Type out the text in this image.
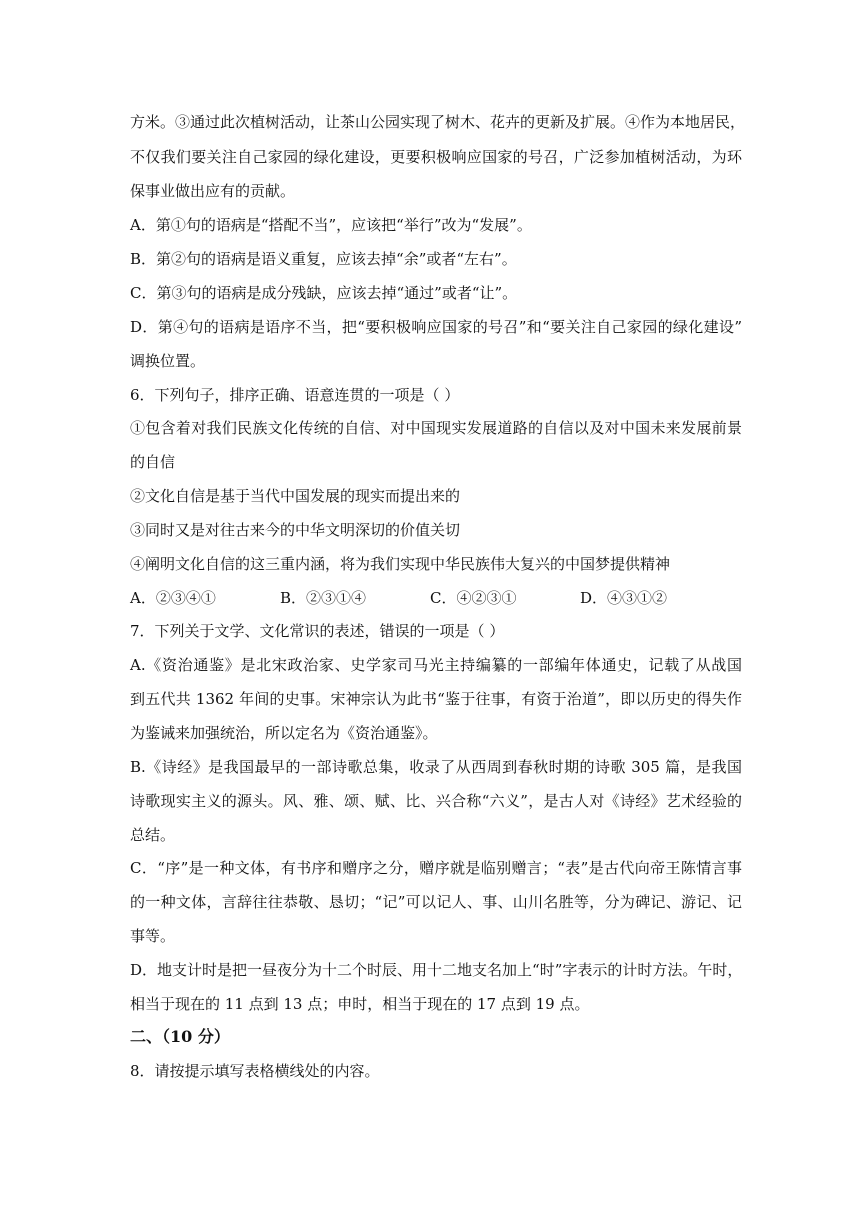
方米。③通过此次植树活动，让茶山公园实现了树木、花卉的更新及扩展。④作为本地居民，
不仅我们要关注自己家园的绿化建设，更要积极响应国家的号召，广泛参加植树活动，为环
保事业做出应有的贡献。
A．第①句的语病是“搭配不当”，应该把“举行”改为“发展”。
B．第②句的语病是语义重复，应该去掉“余”或者“左右”。
C．第③句的语病是成分残缺，应该去掉“通过”或者“让”。
D．第④句的语病是语序不当，把“要积极响应国家的号召”和“要关注自己家园的绿化建设”
调换位置。
6．下列句子，排序正确、语意连贯的一项是（ ）
①包含着对我们民族文化传统的自信、对中国现实发展道路的自信以及对中国未来发展前景
的自信
②文化自信是基于当代中国发展的现实而提出来的
③同时又是对往古来今的中华文明深切的价值关切
④阐明文化自信的这三重内涵，将为我们实现中华民族伟大复兴的中国梦提供精神
A．②③④①	B．②③①④	C．④②③①	D．④③①②
7．下列关于文学、文化常识的表述，错误的一项是（ ）
A.《资治通鉴》是北宋政治家、史学家司马光主持编纂的一部编年体通史，记载了从战国
到五代共 1362 年间的史事。宋神宗认为此书“鉴于往事，有资于治道”，即以历史的得失作
为鉴诫来加强统治，所以定名为《资治通鉴》。
B.《诗经》是我国最早的一部诗歌总集，收录了从西周到春秋时期的诗歌 305 篇，是我国
诗歌现实主义的源头。风、雅、颂、赋、比、兴合称“六义”，是古人对《诗经》艺术经验的
总结。
C．“序”是一种文体，有书序和赠序之分，赠序就是临别赠言；“表”是古代向帝王陈情言事
的一种文体，言辞往往恭敬、恳切；“记”可以记人、事、山川名胜等，分为碑记、游记、记
事等。
D．地支计时是把一昼夜分为十二个时辰、用十二地支名加上“时”字表示的计时方法。午时，
相当于现在的 11 点到 13 点；申时，相当于现在的 17 点到 19 点。
二、（10 分）
8．请按提示填写表格横线处的内容。
